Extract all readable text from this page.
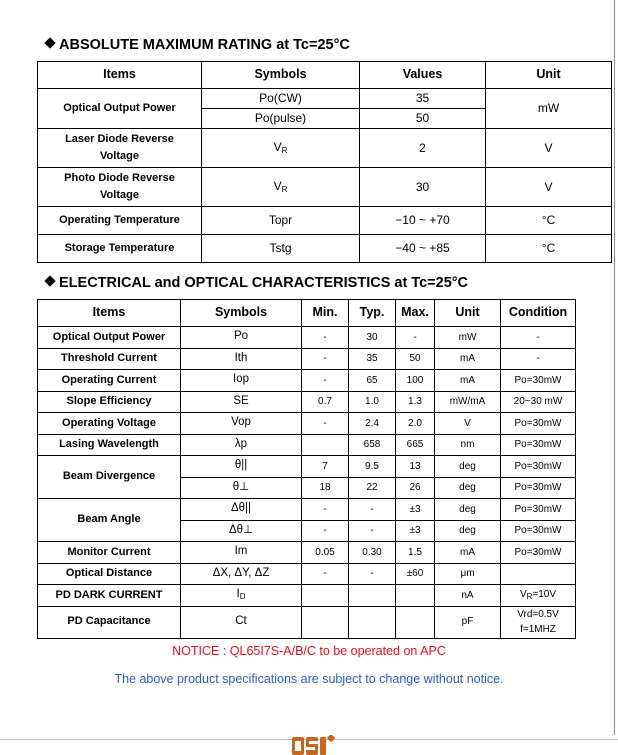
ABSOLUTE MAXIMUM RATING at Tc=25°C
Items	Symbols	Values	Unit
Optical Output Power	Po(CW)	35	mW
	Po(pulse)	50	
Laser Diode Reverse
Voltage	$V_R$	2	V
Photo Diode Reverse
Voltage	$V_R$	30	V
Operating Temperature	Topr	−10 ~ +70	°C
Storage Temperature	Tstg	−40 ~ +85	°C
ELECTRICAL and OPTICAL CHARACTERISTICS at Tc=25°C
Items	Symbols	Min.	Typ.	Max.	Unit	Condition
Optical Output Power	Po	-	30	-	mW	-
Threshold Current	Ith	-	35	50	mA	-
Operating Current	Iop	-	65	100	mA	Po=30mW
Slope Efficiency	SE	0.7	1.0	1.3	mW/mA	20~30 mW
Operating Voltage	Vop	-	2.4	2.0	V	Po=30mW
Lasing Wavelength	λp		658	665	nm	Po=30mW
Beam Divergence	θ||	7	9.5	13	deg	Po=30mW
	θ⊥	18	22	26	deg	Po=30mW
Beam Angle	Δθ||	-	-	±3	deg	Po=30mW
	Δθ⊥	-	-	±3	deg	Po=30mW
Monitor Current	Im	0.05	0.30	1.5	mA	Po=30mW
Optical Distance	ΔX, ΔY, ΔZ	-	-	±60	μm	
PD DARK CURRENT	$I_D$				nA	$V_R=10V$
PD Capacitance	Ct				pF	Vrd=0.5V f=1MHZ
NOTICE : QL65I7S-A/B/C to be operated on APC
The above product specifications are subject to change without notice.
